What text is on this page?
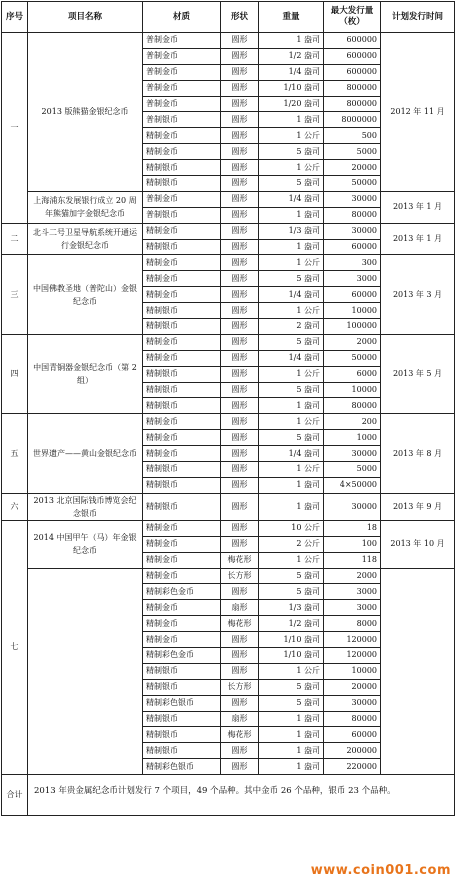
序号	项目名称	材质	形状	重量	最大发行量（枚）	计划发行时间
一	2013 版熊猫金银纪念币	普制金币	圆形	1 盎司	600000	2012 年 11 月
		普制金币	圆形	1/2 盎司	600000	
		普制金币	圆形	1/4 盎司	600000	
		普制金币	圆形	1/10 盎司	800000	
		普制金币	圆形	1/20 盎司	800000	
		普制银币	圆形	1 盎司	8000000	
		精制金币	圆形	1 公斤	500	
		精制金币	圆形	5 盎司	5000	
		精制银币	圆形	1 公斤	20000	
		精制银币	圆形	5 盎司	50000	
	上海浦东发展银行成立 20 周年熊猫加字金银纪念币	普制金币	圆形	1/4 盎司	30000	2013 年 1 月
		普制银币	圆形	1 盎司	80000	
二	北斗二号卫星导航系统开通运行金银纪念币	精制金币	圆形	1/3 盎司	30000	2013 年 1 月
		精制银币	圆形	1 盎司	60000	
三	中国佛教圣地（普陀山）金银纪念币	精制金币	圆形	1 公斤	300	2013 年 3 月
		精制金币	圆形	5 盎司	3000	
		精制金币	圆形	1/4 盎司	60000	
		精制银币	圆形	1 公斤	10000	
		精制银币	圆形	2 盎司	100000	
四	中国青铜器金银纪念币（第 2 组）	精制金币	圆形	5 盎司	2000	2013 年 5 月
		精制金币	圆形	1/4 盎司	50000	
		精制银币	圆形	1 公斤	6000	
		精制银币	圆形	5 盎司	10000	
		精制银币	圆形	1 盎司	80000	
五	世界遗产——黄山金银纪念币	精制金币	圆形	1 公斤	200	2013 年 8 月
		精制金币	圆形	5 盎司	1000	
		精制金币	圆形	1/4 盎司	30000	
		精制银币	圆形	1 公斤	5000	
		精制银币	圆形	1 盎司	4×50000	
六	2013 北京国际钱币博览会纪念银币	精制银币	圆形	1 盎司	30000	2013 年 9 月
七	2014 中国甲午（马）年金银纪念币	精制金币	圆形	10 公斤	18	2013 年 10 月
		精制金币	圆形	2 公斤	100	
		精制金币	梅花形	1 公斤	118	
		精制金币	长方形	5 盎司	2000	
		精制彩色金币	圆形	5 盎司	3000	
		精制金币	扇形	1/3 盎司	3000	
		精制金币	梅花形	1/2 盎司	8000	
		精制金币	圆形	1/10 盎司	120000	
		精制彩色金币	圆形	1/10 盎司	120000	
		精制银币	圆形	1 公斤	10000	
		精制银币	长方形	5 盎司	20000	
		精制彩色银币	圆形	5 盎司	30000	
		精制银币	扇形	1 盎司	80000	
		精制银币	梅花形	1 盎司	60000	
		精制银币	圆形	1 盎司	200000	
		精制彩色银币	圆形	1 盎司	220000	
合计	2013 年贵金属纪念币计划发行 7 个项目，49 个品种。其中金币 26 个品种，银币 23 个品种。					
www.coin001.com
